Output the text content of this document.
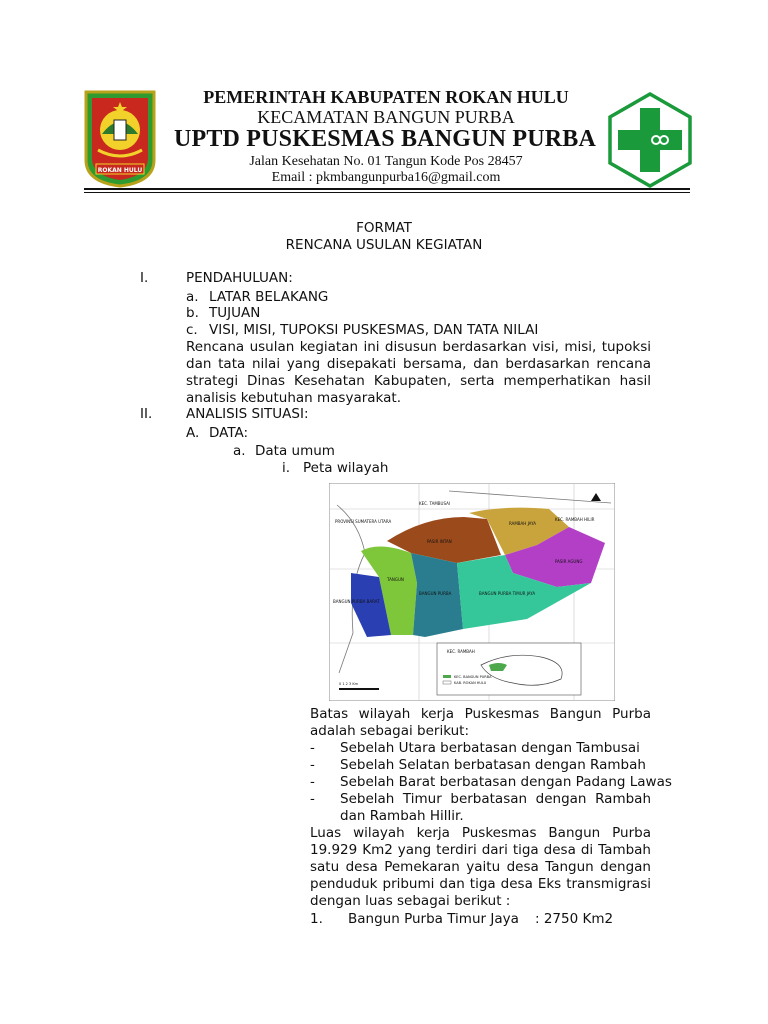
ROKAN HULU
PEMERINTAH KABUPATEN ROKAN HULU
KECAMATAN BANGUN PURBA
UPTD PUSKESMAS BANGUN PURBA
Jalan Kesehatan No. 01 Tangun Kode Pos 28457
Email : pkmbangunpurba16@gmail.com
FORMAT
RENCANA USULAN KEGIATAN
I.	PENDAHULUAN:
a. LATAR BELAKANG
b. TUJUAN
c. VISI, MISI, TUPOKSI PUSKESMAS, DAN TATA NILAI
Rencana usulan kegiatan ini disusun berdasarkan visi, misi, tupoksi dan tata nilai yang disepakati bersama, dan berdasarkan rencana strategi Dinas Kesehatan Kabupaten, serta memperhatikan hasil analisis kebutuhan masyarakat.
II. ANALISIS SITUASI:
A. DATA:
a. Data umum
i. Peta wilayah
KEC. TAMBUSAI
KEC. RAMBAH HILIR
PROVINSI SUMATERA UTARA
PASIR INTAN
RAMBAH JAYA
PASIR AGUNG
TANGUN
BANGUN PURBA	BANGUN PURBA TIMUR JAYA
BANGUN PURBA BARAT
KEC. RAMBAH
KEC. BANGUN PURBA
KAB. ROKAN HULU
0 1 2 3 Km
Batas wilayah kerja Puskesmas Bangun Purba adalah sebagai berikut:
- Sebelah Utara berbatasan dengan Tambusai
- Sebelah Selatan berbatasan dengan Rambah
- Sebelah Barat berbatasan dengan Padang Lawas
- Sebelah Timur berbatasan dengan Rambah dan Rambah Hillir.
Luas wilayah kerja Puskesmas Bangun Purba 19.929 Km2 yang terdiri dari tiga desa di Tambah satu desa Pemekaran yaitu desa Tangun dengan penduduk pribumi dan tiga desa Eks transmigrasi dengan luas sebagai berikut :
1. Bangun Purba Timur Jaya : 2750 Km2
